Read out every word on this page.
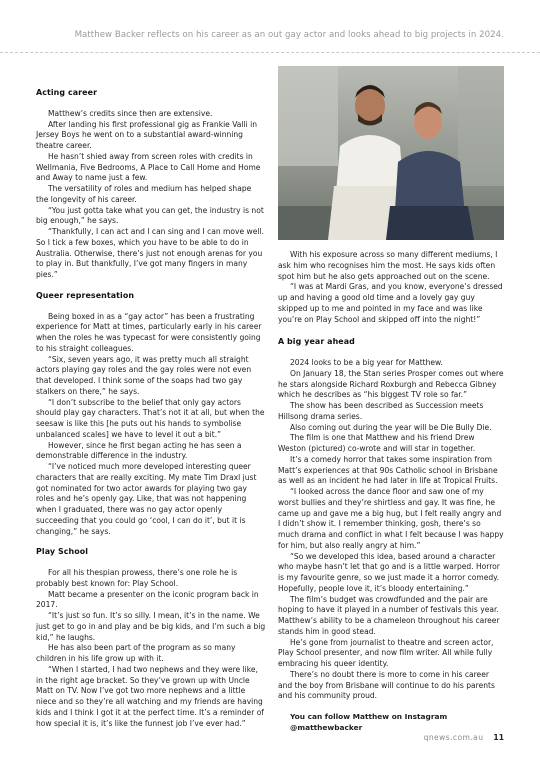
Matthew Backer reflects on his career as an out gay actor and looks ahead to big projects in 2024.
Acting career

Matthew’s credits since then are extensive.

After landing his first professional gig as Frankie Valli in Jersey Boys he went on to a substantial award-winning theatre career.

He hasn’t shied away from screen roles with credits in Wellmania, Five Bedrooms, A Place to Call Home and Home and Away to name just a few.

The versatility of roles and medium has helped shape the longevity of his career.

“You just gotta take what you can get, the industry is not big enough,” he says.

“Thankfully, I can act and I can sing and I can move well. So I tick a few boxes, which you have to be able to do in Australia. Otherwise, there’s just not enough arenas for you to play in. But thankfully, I’ve got many fingers in many pies.”

Queer representation

Being boxed in as a “gay actor” has been a frustrating experience for Matt at times, particularly early in his career when the roles he was typecast for were consistently going to his straight colleagues.

“Six, seven years ago, it was pretty much all straight actors playing gay roles and the gay roles were not even that developed. I think some of the soaps had two gay stalkers on there,” he says.

“I don’t subscribe to the belief that only gay actors should play gay characters. That’s not it at all, but when the seesaw is like this [he puts out his hands to symbolise unbalanced scales] we have to level it out a bit.”

However, since he first began acting he has seen a demonstrable difference in the industry.

“I’ve noticed much more developed interesting queer characters that are really exciting. My mate Tim Draxl just got nominated for two actor awards for playing two gay roles and he’s openly gay. Like, that was not happening when I graduated, there was no gay actor openly succeeding that you could go ‘cool, I can do it’, but it is changing,” he says.

Play School

For all his thespian prowess, there’s one role he is probably best known for: Play School.

Matt became a presenter on the iconic program back in 2017.

“It’s just so fun. It’s so silly. I mean, it’s in the name. We just get to go in and play and be big kids, and I’m such a big kid,” he laughs.

He has also been part of the program as so many children in his life grow up with it.

“When I started, I had two nephews and they were like, in the right age bracket. So they’ve grown up with Uncle Matt on TV. Now I’ve got two more nephews and a little niece and so they’re all watching and my friends are having kids and I think I got it at the perfect time. It’s a reminder of how special it is, it’s like the funnest job I’ve ever had.”

With his exposure across so many different mediums, I ask him who recognises him the most. He says kids often spot him but he also gets approached out on the scene.

“I was at Mardi Gras, and you know, everyone’s dressed up and having a good old time and a lovely gay guy skipped up to me and pointed in my face and was like you’re on Play School and skipped off into the night!”

A big year ahead

2024 looks to be a big year for Matthew.

On January 18, the Stan series Prosper comes out where he stars alongside Richard Roxburgh and Rebecca Gibney which he describes as “his biggest TV role so far.”

The show has been described as Succession meets Hillsong drama series.

Also coming out during the year will be Die Bully Die.

The film is one that Matthew and his friend Drew Weston (pictured) co-wrote and will star in together.

It’s a comedy horror that takes some inspiration from Matt’s experiences at that 90s Catholic school in Brisbane as well as an incident he had later in life at Tropical Fruits.

“I looked across the dance floor and saw one of my worst bullies and they’re shirtless and gay. It was fine, he came up and gave me a big hug, but I felt really angry and I didn’t show it. I remember thinking, gosh, there’s so much drama and conflict in what I felt because I was happy for him, but also really angry at him.”

“So we developed this idea, based around a character who maybe hasn’t let that go and is a little warped. Horror is my favourite genre, so we just made it a horror comedy. Hopefully, people love it, it’s bloody entertaining.”

The film’s budget was crowdfunded and the pair are hoping to have it played in a number of festivals this year. Matthew’s ability to be a chameleon throughout his career stands him in good stead.

He’s gone from journalist to theatre and screen actor, Play School presenter, and now film writer. All while fully embracing his queer identity.

There’s no doubt there is more to come in his career and the boy from Brisbane will continue to do his parents and his community proud.

You can follow Matthew on Instagram

@matthewbacker

qnews.com.au 11
